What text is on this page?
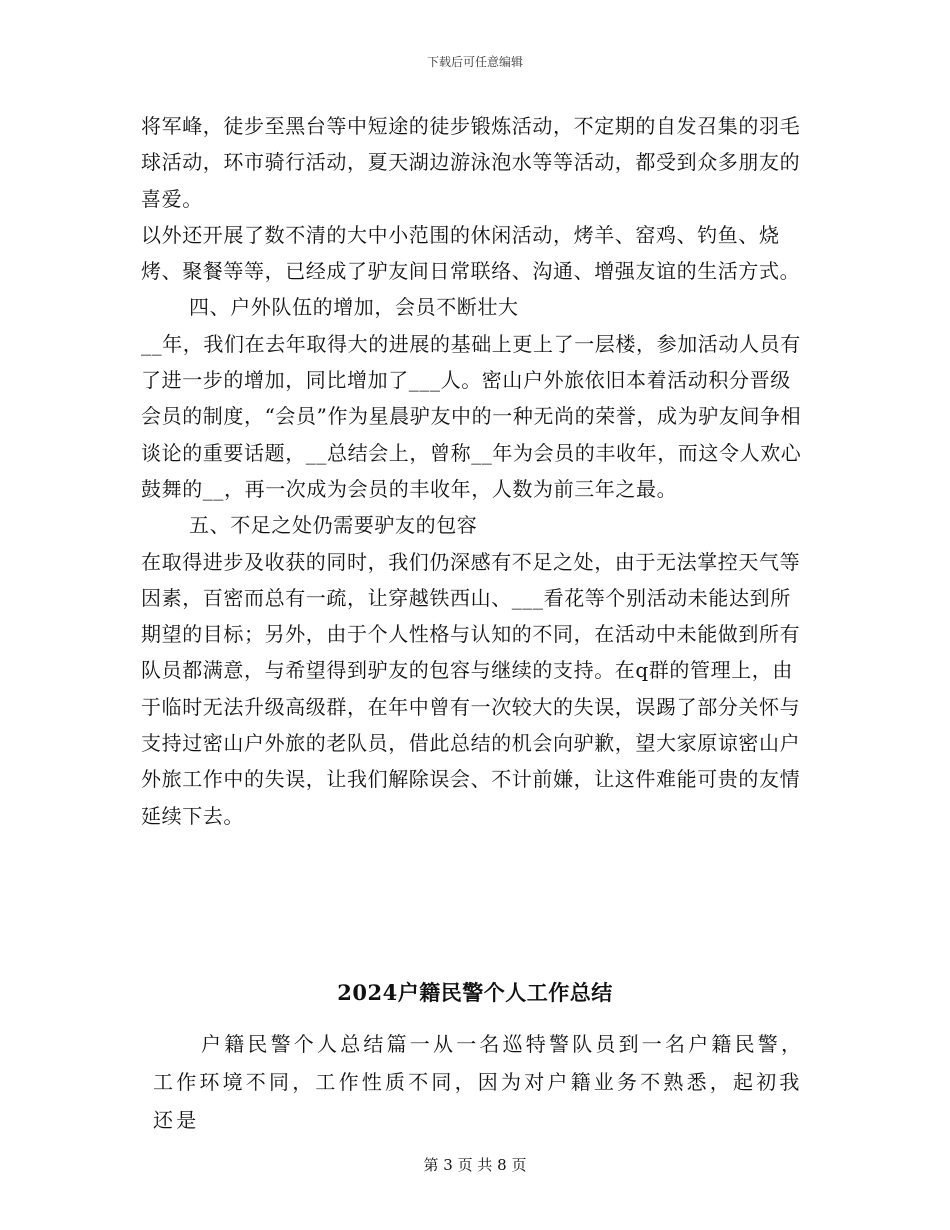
下载后可任意编辑

将军峰，徒步至黑台等中短途的徒步锻炼活动，不定期的自发召集的羽毛球活动，环市骑行活动，夏天湖边游泳泡水等等活动，都受到众多朋友的喜爱。

以外还开展了数不清的大中小范围的休闲活动，烤羊、窑鸡、钓鱼、烧烤、聚餐等等，已经成了驴友间日常联络、沟通、增强友谊的生活方式。

四、户外队伍的增加，会员不断壮大

__年，我们在去年取得大的进展的基础上更上了一层楼，参加活动人员有了进一步的增加，同比增加了___人。密山户外旅依旧本着活动积分晋级会员的制度，“会员”作为星晨驴友中的一种无尚的荣誉，成为驴友间争相谈论的重要话题，__总结会上，曾称__年为会员的丰收年，而这令人欢心鼓舞的__，再一次成为会员的丰收年，人数为前三年之最。

五、不足之处仍需要驴友的包容

在取得进步及收获的同时，我们仍深感有不足之处，由于无法掌控天气等因素，百密而总有一疏，让穿越铁西山、___看花等个别活动未能达到所期望的目标；另外，由于个人性格与认知的不同，在活动中未能做到所有队员都满意，与希望得到驴友的包容与继续的支持。在q群的管理上，由于临时无法升级高级群，在年中曾有一次较大的失误，误踢了部分关怀与支持过密山户外旅的老队员，借此总结的机会向驴歉，望大家原谅密山户外旅工作中的失误，让我们解除误会、不计前嫌，让这件难能可贵的友情延续下去。

2024户籍民警个人工作总结

户籍民警个人总结篇一从一名巡特警队员到一名户籍民警，工作环境不同，工作性质不同，因为对户籍业务不熟悉，起初我还是

第 3 页 共 8 页
